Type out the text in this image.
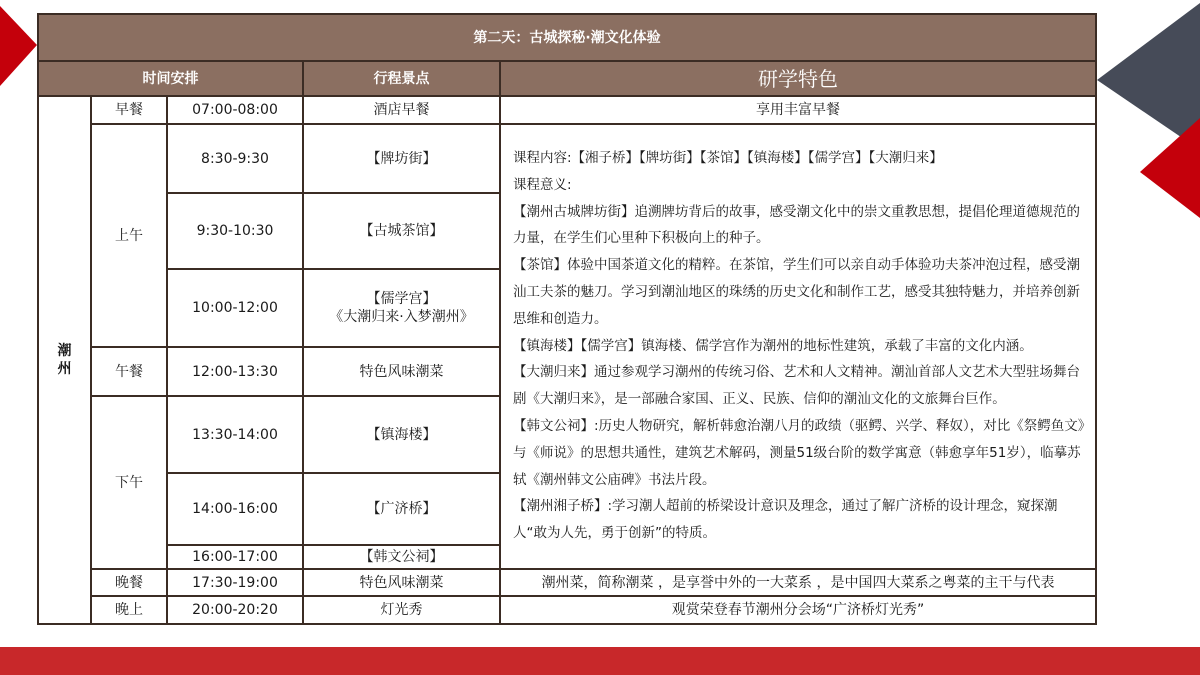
第二天：古城探秘·潮文化体验				
时间安排			行程景点	研学特色

潮
州	早餐	07:00-08:00	酒店早餐	享用丰富早餐
上午	8:30-9:30	【牌坊街】	课程内容:【湘子桥】【牌坊街】【茶馆】【镇海楼】【儒学宫】【大潮归来】

课程意义:

【潮州古城牌坊街】追溯牌坊背后的故事，感受潮文化中的崇文重教思想，提倡伦理道德规范的力量，在学生们心里种下积极向上的种子。

【茶馆】体验中国茶道文化的精粹。在茶馆，学生们可以亲自动手体验功夫茶冲泡过程，感受潮汕工夫茶的魅刀。学习到潮汕地区的珠绣的历史文化和制作工艺，感受其独特魅力，并培养创新思维和创造力。

【镇海楼】【儒学宫】镇海楼、儒学宫作为潮州的地标性建筑，承载了丰富的文化内涵。

【大潮归来】通过参观学习潮州的传统习俗、艺术和人文精神。潮汕首部人文艺术大型驻场舞台剧《大潮归来》，是一部融合家国、正义、民族、信仰的潮汕文化的文旅舞台巨作。

【韩文公祠】:历史人物研究，解析韩愈治潮八月的政绩（驱鳄、兴学、释奴），对比《祭鳄鱼文》与《师说》的思想共通性，建筑艺术解码，测量51级台阶的数学寓意（韩愈享年51岁），临摹苏轼《潮州韩文公庙碑》书法片段。

【潮州湘子桥】:学习潮人超前的桥梁设计意识及理念，通过了解广济桥的设计理念，窥探潮人“敢为人先，勇于创新”的特质。

		9:30-10:30	【古城茶馆】	
		10:00-12:00	【儒学宫】
《大潮归来·入梦潮州》	

	午餐	12:00-13:30	特色风味潮菜	
	下午	13:30-14:00	【镇海楼】	
		14:00-16:00	【广济桥】	
		16:00-17:00	【韩文公祠】	
	晚餐	17:30-19:00	特色风味潮菜	潮州菜，简称潮菜 ，是享誉中外的一大菜系 ，是中国四大菜系之粤菜的主干与代表
	晚上	20:00-20:20	灯光秀	观赏荣登春节潮州分会场“广济桥灯光秀”
